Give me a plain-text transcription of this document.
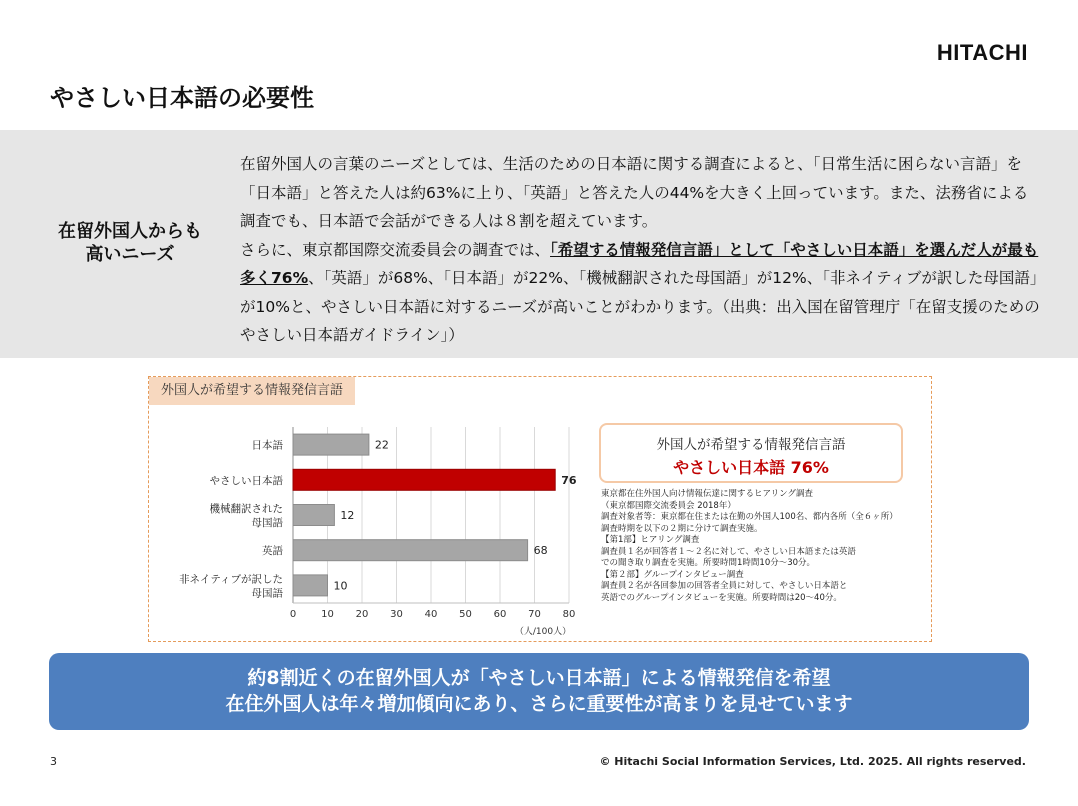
HITACHI
やさしい日本語の必要性
在留外国人からも
高いニーズ

在留外国人の言葉のニーズとしては、生活のための日本語に関する調査によると、「日常生活に困らない言語」を「日本語」と答えた人は約63%に上り、「英語」と答えた人の44%を大きく上回っています。また、法務省による調査でも、日本語で会話ができる人は８割を超えています。

さらに、東京都国際交流委員会の調査では、「希望する情報発信言語」として「やさしい日本語」を選んだ人が最も多く76%、「英語」が68%、「日本語」が22%、「機械翻訳された母国語」が12%、「非ネイティブが訳した母国語」が10%と、やさしい日本語に対するニーズが高いことがわかります。（出典：出入国在留管理庁「在留支援のためのやさしい日本語ガイドライン」）

0 10 20 30 40 50 60 70 80
（人/100人）
22
日本語
76
やさしい日本語
12
機械翻訳された
母国語
68
英語
10
非ネイティブが訳した
母国語
外国人が希望する情報発信言語
外国人が希望する情報発信言語
やさしい日本語 76%
東京都在住外国人向け情報伝達に関するヒアリング調査
（東京都国際交流委員会 2018年）
調査対象者等：東京都在住または在勤の外国人100名、都内各所（全６ヶ所）
調査時期を以下の２期に分けて調査実施。
【第1部】ヒアリング調査
調査員１名が回答者１～２名に対して、やさしい日本語または英語
での聞き取り調査を実施。所要時間1時間10分～30分。
【第２部】グループインタビュー調査
調査員２名が各回参加の回答者全員に対して、やさしい日本語と
英語でのグループインタビューを実施。所要時間は20～40分。
約8割近くの在留外国人が「やさしい日本語」による情報発信を希望
在住外国人は年々増加傾向にあり、さらに重要性が高まりを見せています
3	© Hitachi Social Information Services, Ltd. 2025. All rights reserved.
